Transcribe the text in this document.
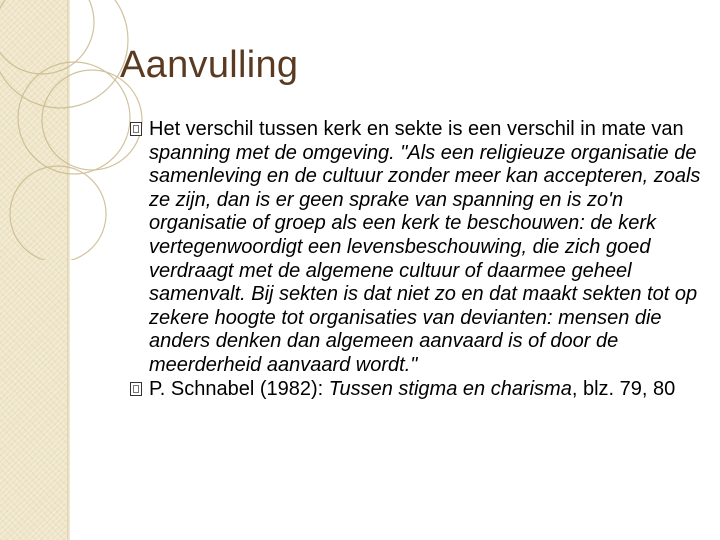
Aanvulling
Het verschil tussen kerk en sekte is een verschil in mate van spanning met de omgeving. "Als een religieuze organisatie de samenleving en de cultuur zonder meer kan accepteren, zoals ze zijn, dan is er geen sprake van spanning en is zo'n organisatie of groep als een kerk te beschouwen: de kerk vertegenwoordigt een levensbeschouwing, die zich goed verdraagt met de algemene cultuur of daarmee geheel samenvalt. Bij sekten is dat niet zo en dat maakt sekten tot op zekere hoogte tot organisaties van devianten: mensen die anders denken dan algemeen aanvaard is of door de meerderheid aanvaard wordt."
P. Schnabel (1982): Tussen stigma en charisma, blz. 79, 80
